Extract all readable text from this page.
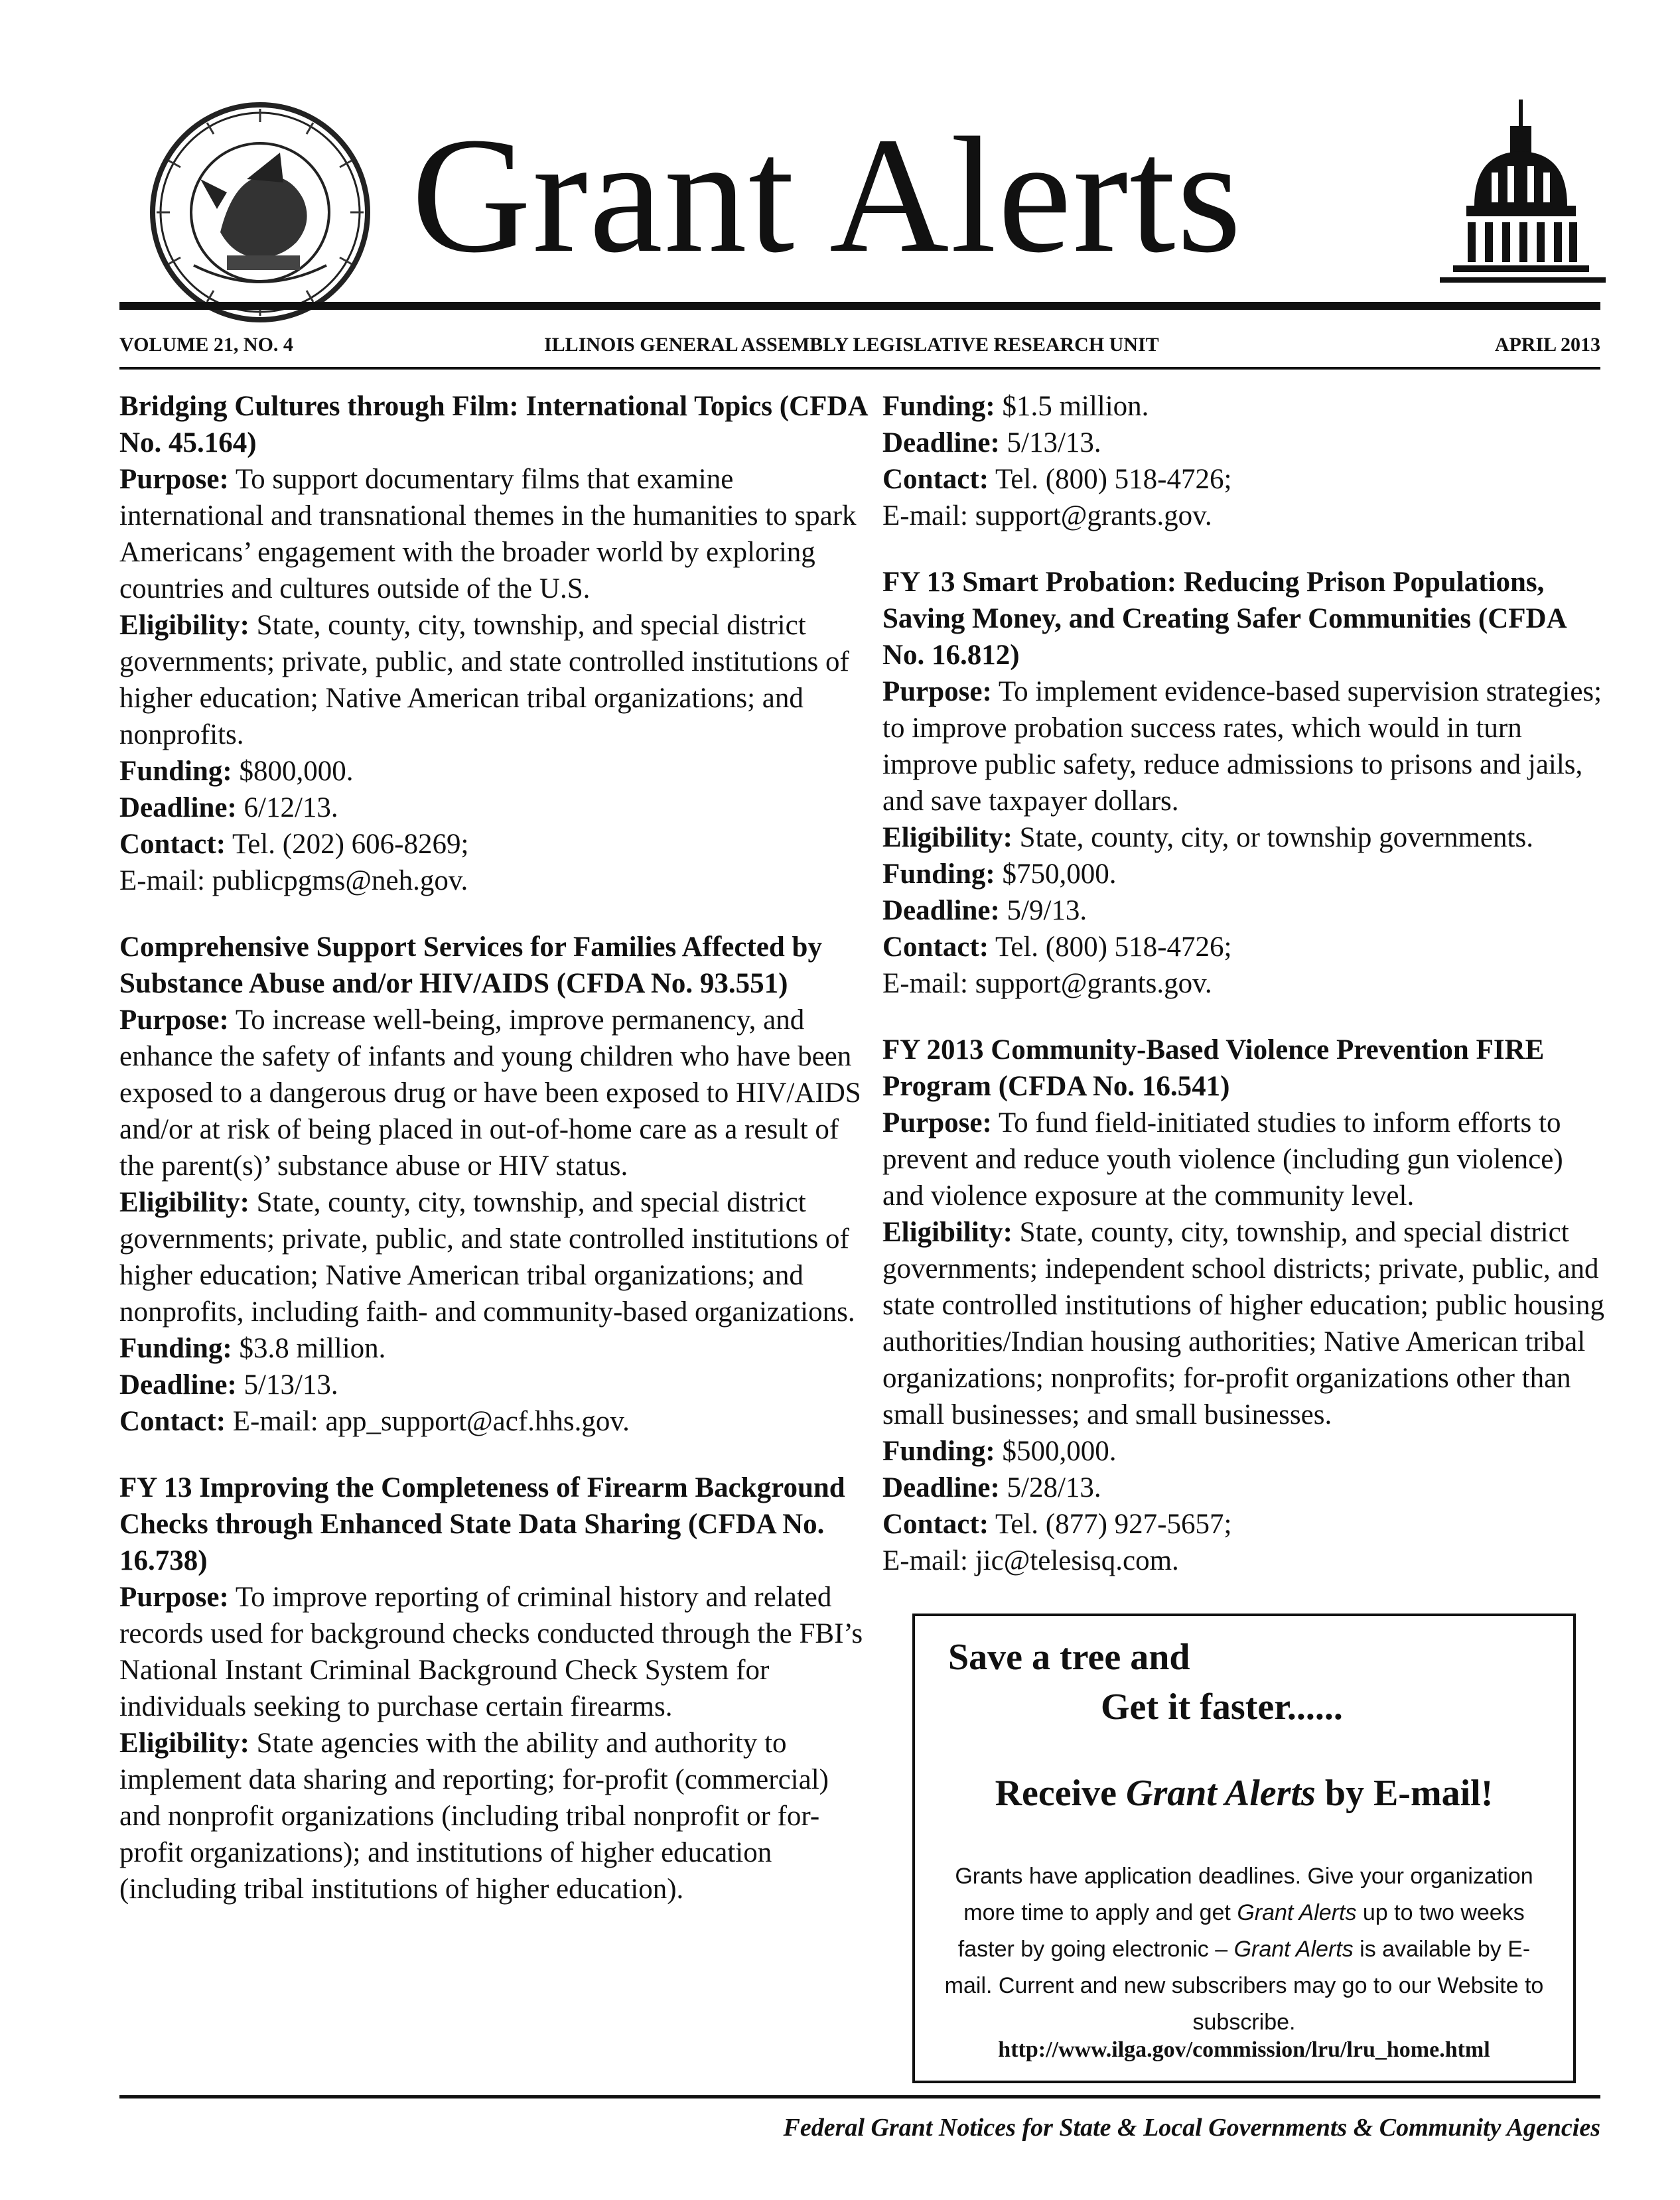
Grant Alerts
VOLUME 21, NO. 4	ILLINOIS GENERAL ASSEMBLY LEGISLATIVE RESEARCH UNIT	APRIL 2013
Bridging Cultures through Film: International Topics (CFDA No. 45.164)
Purpose: To support documentary films that examine international and transnational themes in the humanities to spark Americans’ engagement with the broader world by exploring countries and cultures outside of the U.S.
Eligibility: State, county, city, township, and special district governments; private, public, and state controlled institutions of higher education; Native American tribal organizations; and nonprofits.
Funding: $800,000.
Deadline: 6/12/13.
Contact: Tel. (202) 606-8269;
E-mail: publicpgms@neh.gov.
Comprehensive Support Services for Families Affected by Substance Abuse and/or HIV/AIDS (CFDA No. 93.551)
Purpose: To increase well-being, improve permanency, and enhance the safety of infants and young children who have been exposed to a dangerous drug or have been exposed to HIV/AIDS and/or at risk of being placed in out-of-home care as a result of the parent(s)’ substance abuse or HIV status.
Eligibility: State, county, city, township, and special district governments; private, public, and state controlled institutions of higher education; Native American tribal organizations; and nonprofits, including faith- and community-based organizations.
Funding: $3.8 million.
Deadline: 5/13/13.
Contact: E-mail: app_support@acf.hhs.gov.
FY 13 Improving the Completeness of Firearm Background Checks through Enhanced State Data Sharing (CFDA No. 16.738)
Purpose: To improve reporting of criminal history and related records used for background checks conducted through the FBI’s National Instant Criminal Background Check System for individuals seeking to purchase certain firearms.
Eligibility: State agencies with the ability and authority to implement data sharing and reporting; for-profit (commercial) and nonprofit organizations (including tribal nonprofit or for-profit organizations); and institutions of higher education (including tribal institutions of higher education).
Funding: $1.5 million.
Deadline: 5/13/13.
Contact: Tel. (800) 518-4726;
E-mail: support@grants.gov.
FY 13 Smart Probation: Reducing Prison Populations, Saving Money, and Creating Safer Communities (CFDA No. 16.812)
Purpose: To implement evidence-based supervision strategies; to improve probation success rates, which would in turn improve public safety, reduce admissions to prisons and jails, and save taxpayer dollars.
Eligibility: State, county, city, or township governments.
Funding: $750,000.
Deadline: 5/9/13.
Contact: Tel. (800) 518-4726;
E-mail: support@grants.gov.
FY 2013 Community-Based Violence Prevention FIRE Program (CFDA No. 16.541)
Purpose: To fund field-initiated studies to inform efforts to prevent and reduce youth violence (including gun violence) and violence exposure at the community level.
Eligibility: State, county, city, township, and special district governments; independent school districts; private, public, and state controlled institutions of higher education; public housing authorities/Indian housing authorities; Native American tribal organizations; nonprofits; for-profit organizations other than small businesses; and small businesses.
Funding: $500,000.
Deadline: 5/28/13.
Contact: Tel. (877) 927-5657;
E-mail: jic@telesisq.com.
Save a tree and
Get it faster......
Receive Grant Alerts by E-mail!
Grants have application deadlines. Give your organization more time to apply and get Grant Alerts up to two weeks faster by going electronic – Grant Alerts is available by E-mail. Current and new subscribers may go to our Website to subscribe.
http://www.ilga.gov/commission/lru/lru_home.html
Federal Grant Notices for State & Local Governments & Community Agencies
